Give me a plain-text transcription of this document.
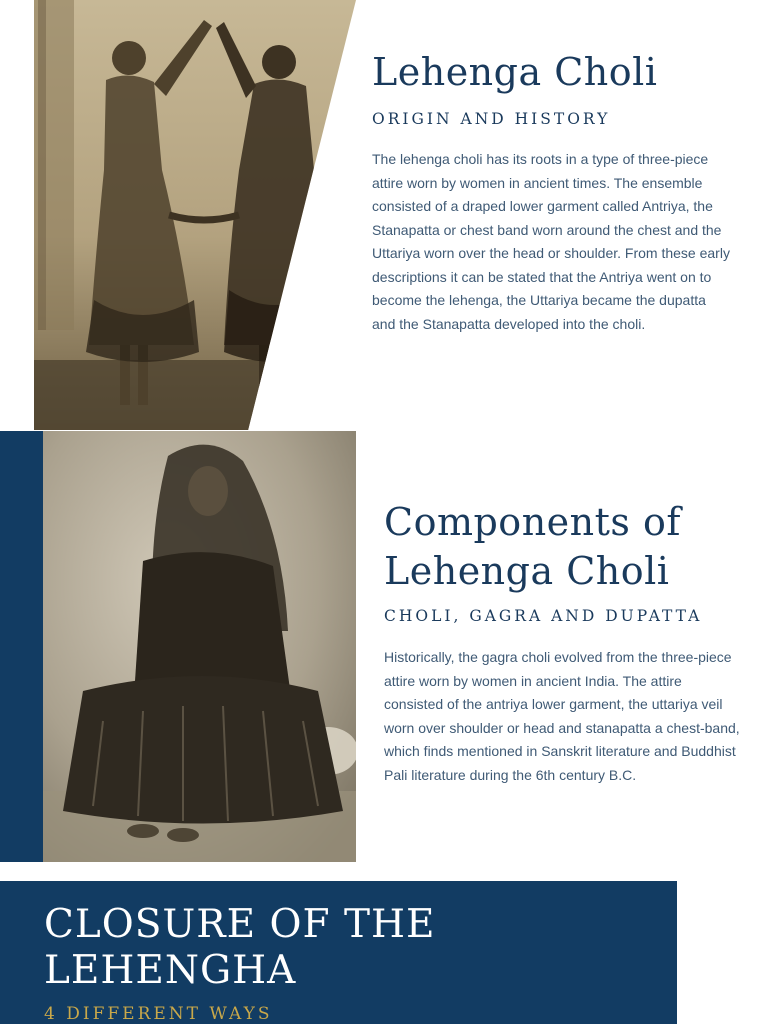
Lehenga Choli
ORIGIN AND HISTORY

The lehenga choli has its roots in a type of three-piece attire worn by women in ancient times. The ensemble consisted of a draped lower garment called Antriya, the Stanapatta or chest band worn around the chest and the Uttariya worn over the head or shoulder. From these early descriptions it can be stated that the Antriya went on to become the lehenga, the Uttariya became the dupatta and the Stanapatta developed into the choli.

Components of Lehenga Choli
CHOLI, GAGRA AND DUPATTA

Historically, the gagra choli evolved from the three-piece attire worn by women in ancient India. The attire consisted of the antriya lower garment, the uttariya veil worn over shoulder or head and stanapatta a chest-band, which finds mentioned in Sanskrit literature and Buddhist Pali literature during the 6th century B.C.

CLOSURE OF THE LEHENGHA
4 DIFFERENT WAYS
